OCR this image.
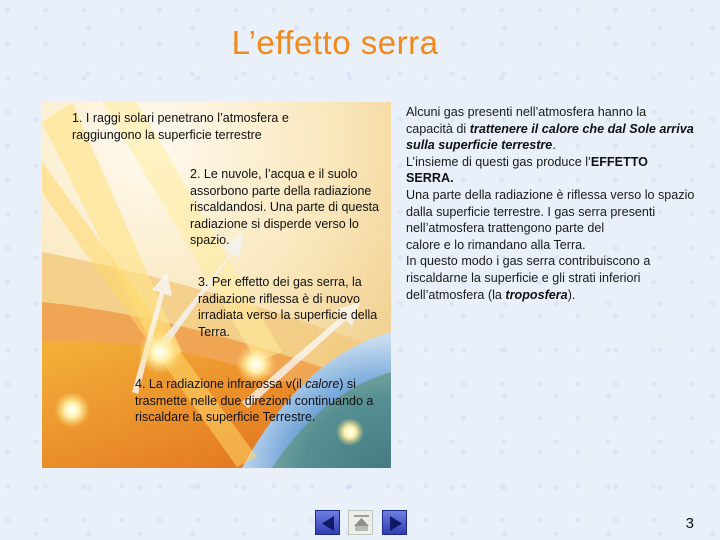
L’effetto serra
1. I raggi solari penetrano l’atmosfera e raggiungono la superficie terrestre
2. Le nuvole, l’acqua e il suolo assorbono parte della radiazione riscaldandosi. Una parte di questa radiazione si disperde verso lo spazio.
3. Per effetto dei gas serra, la radiazione riflessa è di nuovo irradiata verso la superficie della Terra.
4. La radiazione infrarossa v(il calore) si trasmette nelle due direzioni continuando a riscaldare la superficie Terrestre.
Alcuni gas presenti nell’atmosfera hanno la capacità di trattenere il calore che dal Sole arriva sulla superficie terrestre.
L’insieme di questi gas produce l’EFFETTO SERRA.
Una parte della radiazione è riflessa verso lo spazio dalla superficie terrestre. I gas serra presenti nell’atmosfera trattengono parte del
calore e lo rimandano alla Terra.
In questo modo i gas serra contribuiscono a riscaldarne la superficie e gli strati inferiori dell’atmosfera (la troposfera).
3
